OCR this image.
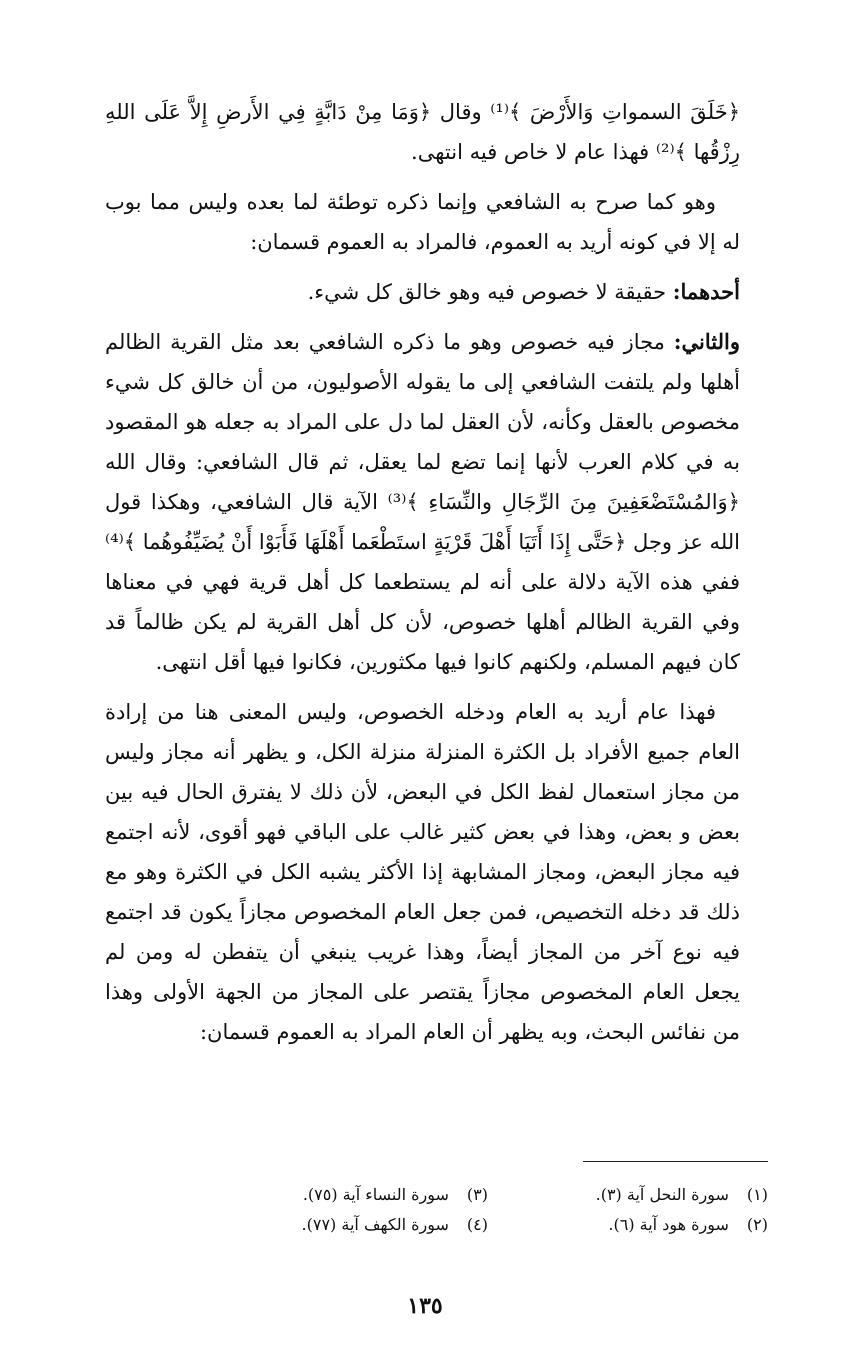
﴿خَلَقَ السمواتِ وَالأَرْضَ ﴾⁽¹⁾ وقال ﴿وَمَا مِنْ دَابَّةٍ فِي الأَرضِ إِلاَّ عَلَى اللهِ رِزْقُها ﴾⁽²⁾ فهذا عام لا خاص فيه انتهى.

وهو كما صرح به الشافعي وإنما ذكره توطئة لما بعده وليس مما بوب له إلا في كونه أريد به العموم، فالمراد به العموم قسمان:

أحدهما: حقيقة لا خصوص فيه وهو خالق كل شيء.

والثاني: مجاز فيه خصوص وهو ما ذكره الشافعي بعد مثل القرية الظالم أهلها ولم يلتفت الشافعي إلى ما يقوله الأصوليون، من أن خالق كل شيء مخصوص بالعقل وكأنه، لأن العقل لما دل على المراد به جعله هو المقصود به في كلام العرب لأنها إنما تضع لما يعقل، ثم قال الشافعي: وقال الله ﴿وَالمُسْتَضْعَفِينَ مِنَ الرِّجَالِ والنِّسَاءِ ﴾⁽³⁾ الآية قال الشافعي، وهكذا قول الله عز وجل ﴿حَتَّى إِذَا أَتَيَا أَهْلَ قَرْيَةٍ استَطْعَما أَهْلَهَا فَأَبَوْا أَنْ يُضَيِّفُوهُما ﴾⁽⁴⁾ ففي هذه الآية دلالة على أنه لم يستطعما كل أهل قرية فهي في معناها وفي القرية الظالم أهلها خصوص، لأن كل أهل القرية لم يكن ظالماً قد كان فيهم المسلم، ولكنهم كانوا فيها مكثورين، فكانوا فيها أقل انتهى.

فهذا عام أريد به العام ودخله الخصوص، وليس المعنى هنا من إرادة العام جميع الأفراد بل الكثرة المنزلة منزلة الكل، و يظهر أنه مجاز وليس من مجاز استعمال لفظ الكل في البعض، لأن ذلك لا يفترق الحال فيه بين بعض و بعض، وهذا في بعض كثير غالب على الباقي فهو أقوى، لأنه اجتمع فيه مجاز البعض، ومجاز المشابهة إذا الأكثر يشبه الكل في الكثرة وهو مع ذلك قد دخله التخصيص، فمن جعل العام المخصوص مجازاً يكون قد اجتمع فيه نوع آخر من المجاز أيضاً، وهذا غريب ينبغي أن يتفطن له ومن لم يجعل العام المخصوص مجازاً يقتصر على المجاز من الجهة الأولى وهذا من نفائس البحث، وبه يظهر أن العام المراد به العموم قسمان:

(١) سورة النحل آية (٣).
(٢) سورة هود آية (٦).
(٣) سورة النساء آية (٧٥).
(٤) سورة الكهف آية (٧٧).
١٣٥
